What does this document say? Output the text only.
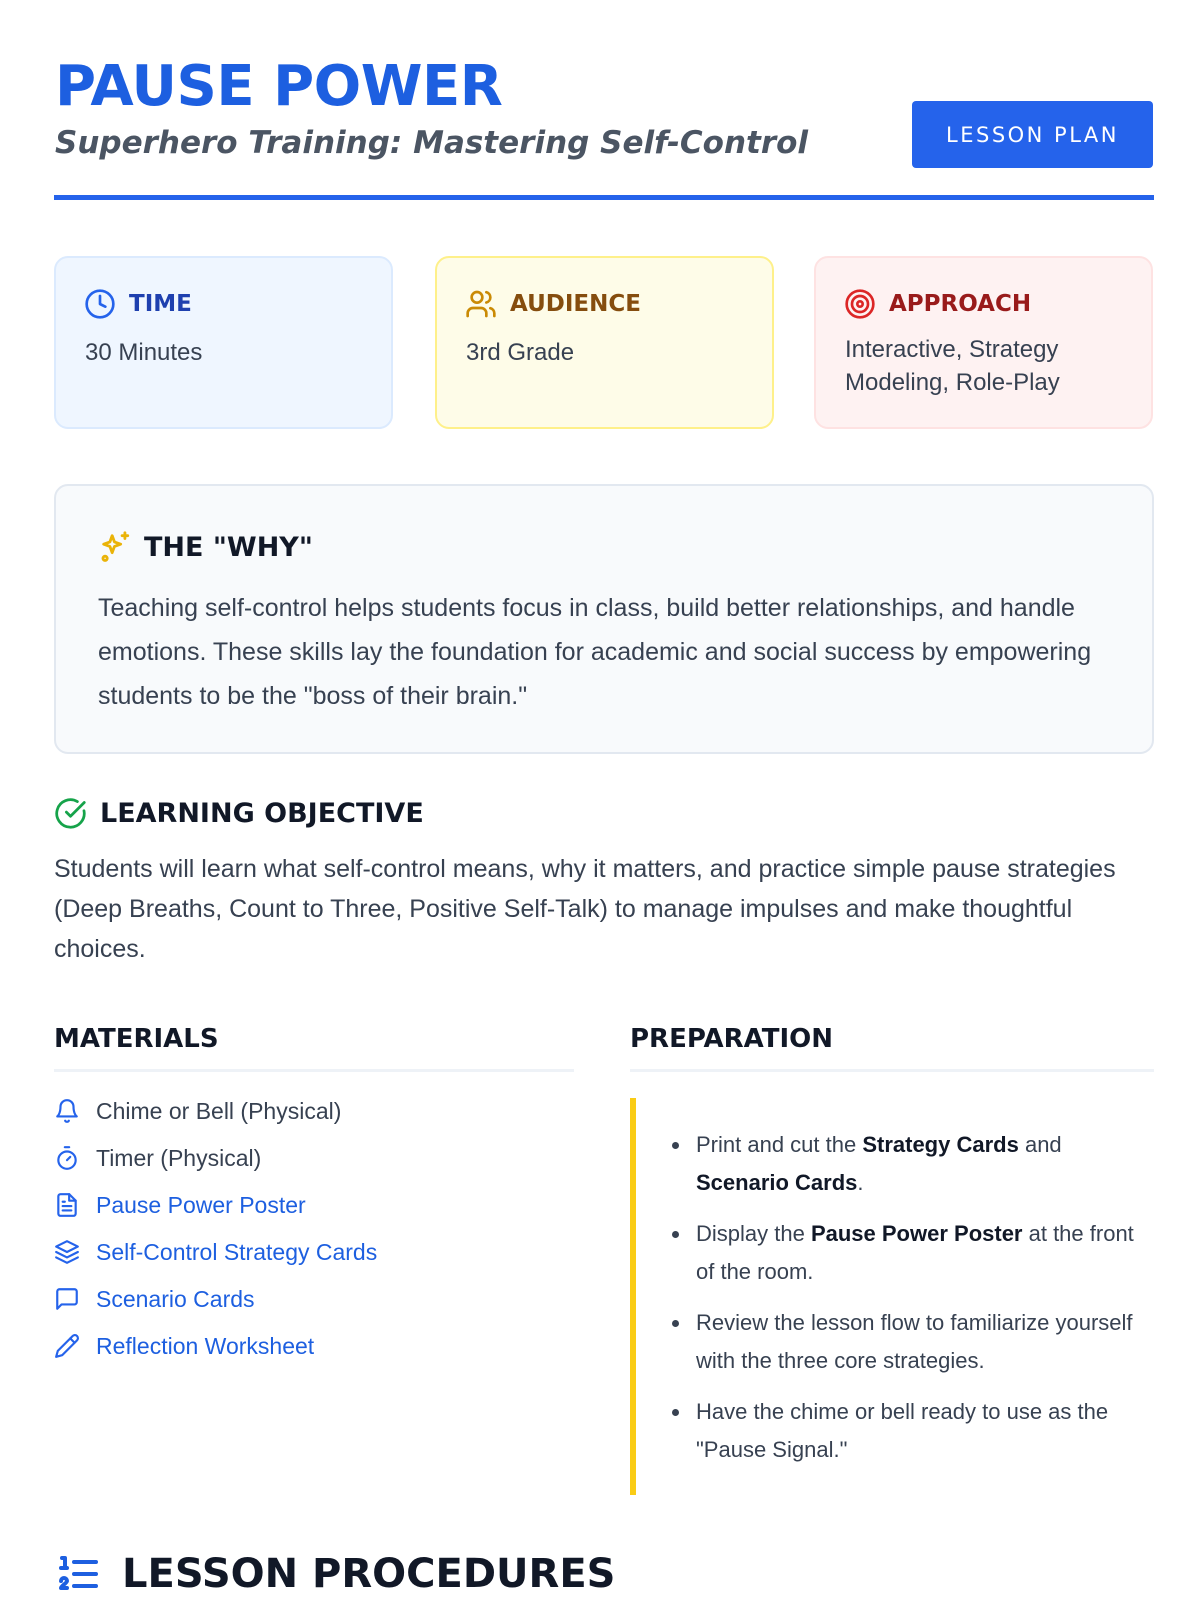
PAUSE POWER
Superhero Training: Mastering Self-Control	LESSON PLAN
TIME
30 Minutes
AUDIENCE
3rd Grade
APPROACH
Interactive, Strategy Modeling, Role-Play
THE "WHY"
Teaching self-control helps students focus in class, build better relationships, and handle emotions. These skills lay the foundation for academic and social success by empowering students to be the "boss of their brain."
LEARNING OBJECTIVE
Students will learn what self-control means, why it matters, and practice simple pause strategies (Deep Breaths, Count to Three, Positive Self-Talk) to manage impulses and make thoughtful choices.
MATERIALS
Chime or Bell (Physical)
Timer (Physical)
Pause Power Poster
Self-Control Strategy Cards
Scenario Cards
Reflection Worksheet
PREPARATION
Print and cut the Strategy Cards and Scenario Cards.
Display the Pause Power Poster at the front of the room.
Review the lesson flow to familiarize yourself with the three core strategies.
Have the chime or bell ready to use as the "Pause Signal."
LESSON PROCEDURES
